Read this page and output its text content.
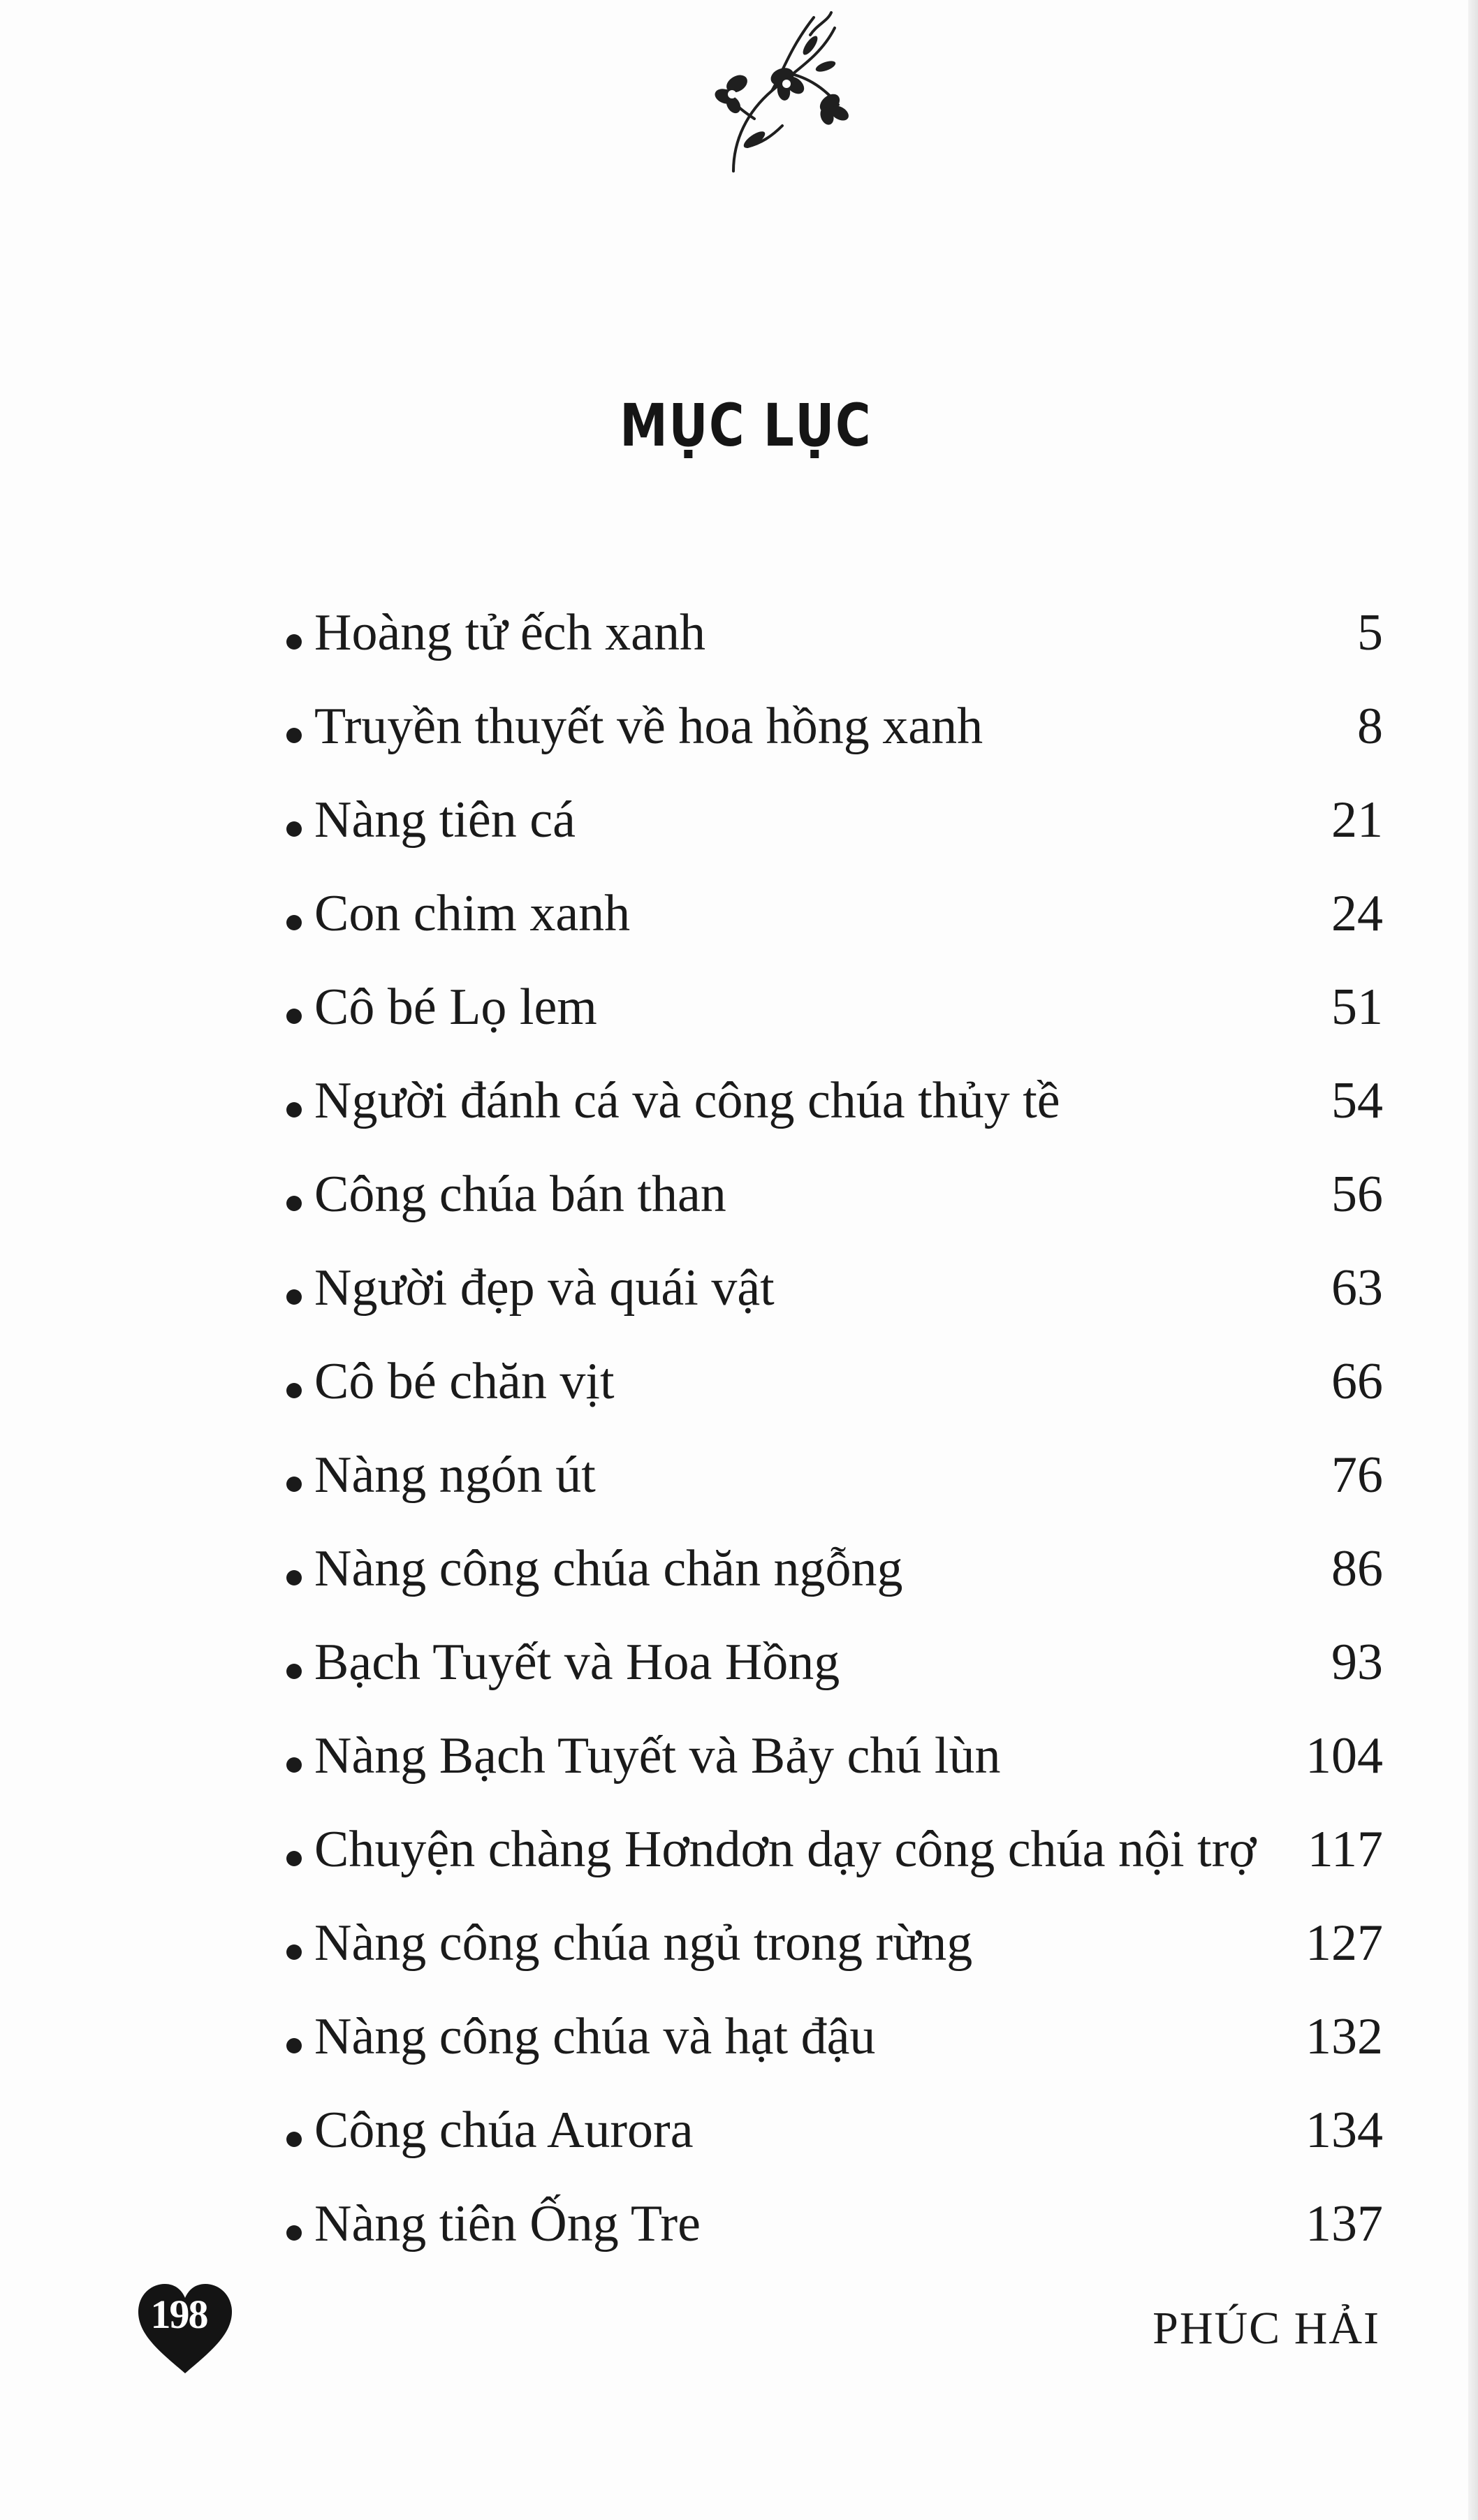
MỤC LỤC
Hoàng tử ếch xanh	5
Truyền thuyết về hoa hồng xanh	8
Nàng tiên cá	21
Con chim xanh	24
Cô bé Lọ lem	51
Người đánh cá và công chúa thủy tề	54
Công chúa bán than	56
Người đẹp và quái vật	63
Cô bé chăn vịt	66
Nàng ngón út	76
Nàng công chúa chăn ngỗng	86
Bạch Tuyết và Hoa Hồng	93
Nàng Bạch Tuyết và Bảy chú lùn	104
Chuyện chàng Hơndơn dạy công chúa nội trợ 117
Nàng công chúa ngủ trong rừng	127
Nàng công chúa và hạt đậu	132
Công chúa Aurora	134
Nàng tiên Ống Tre	137
198	PHÚC HẢI
